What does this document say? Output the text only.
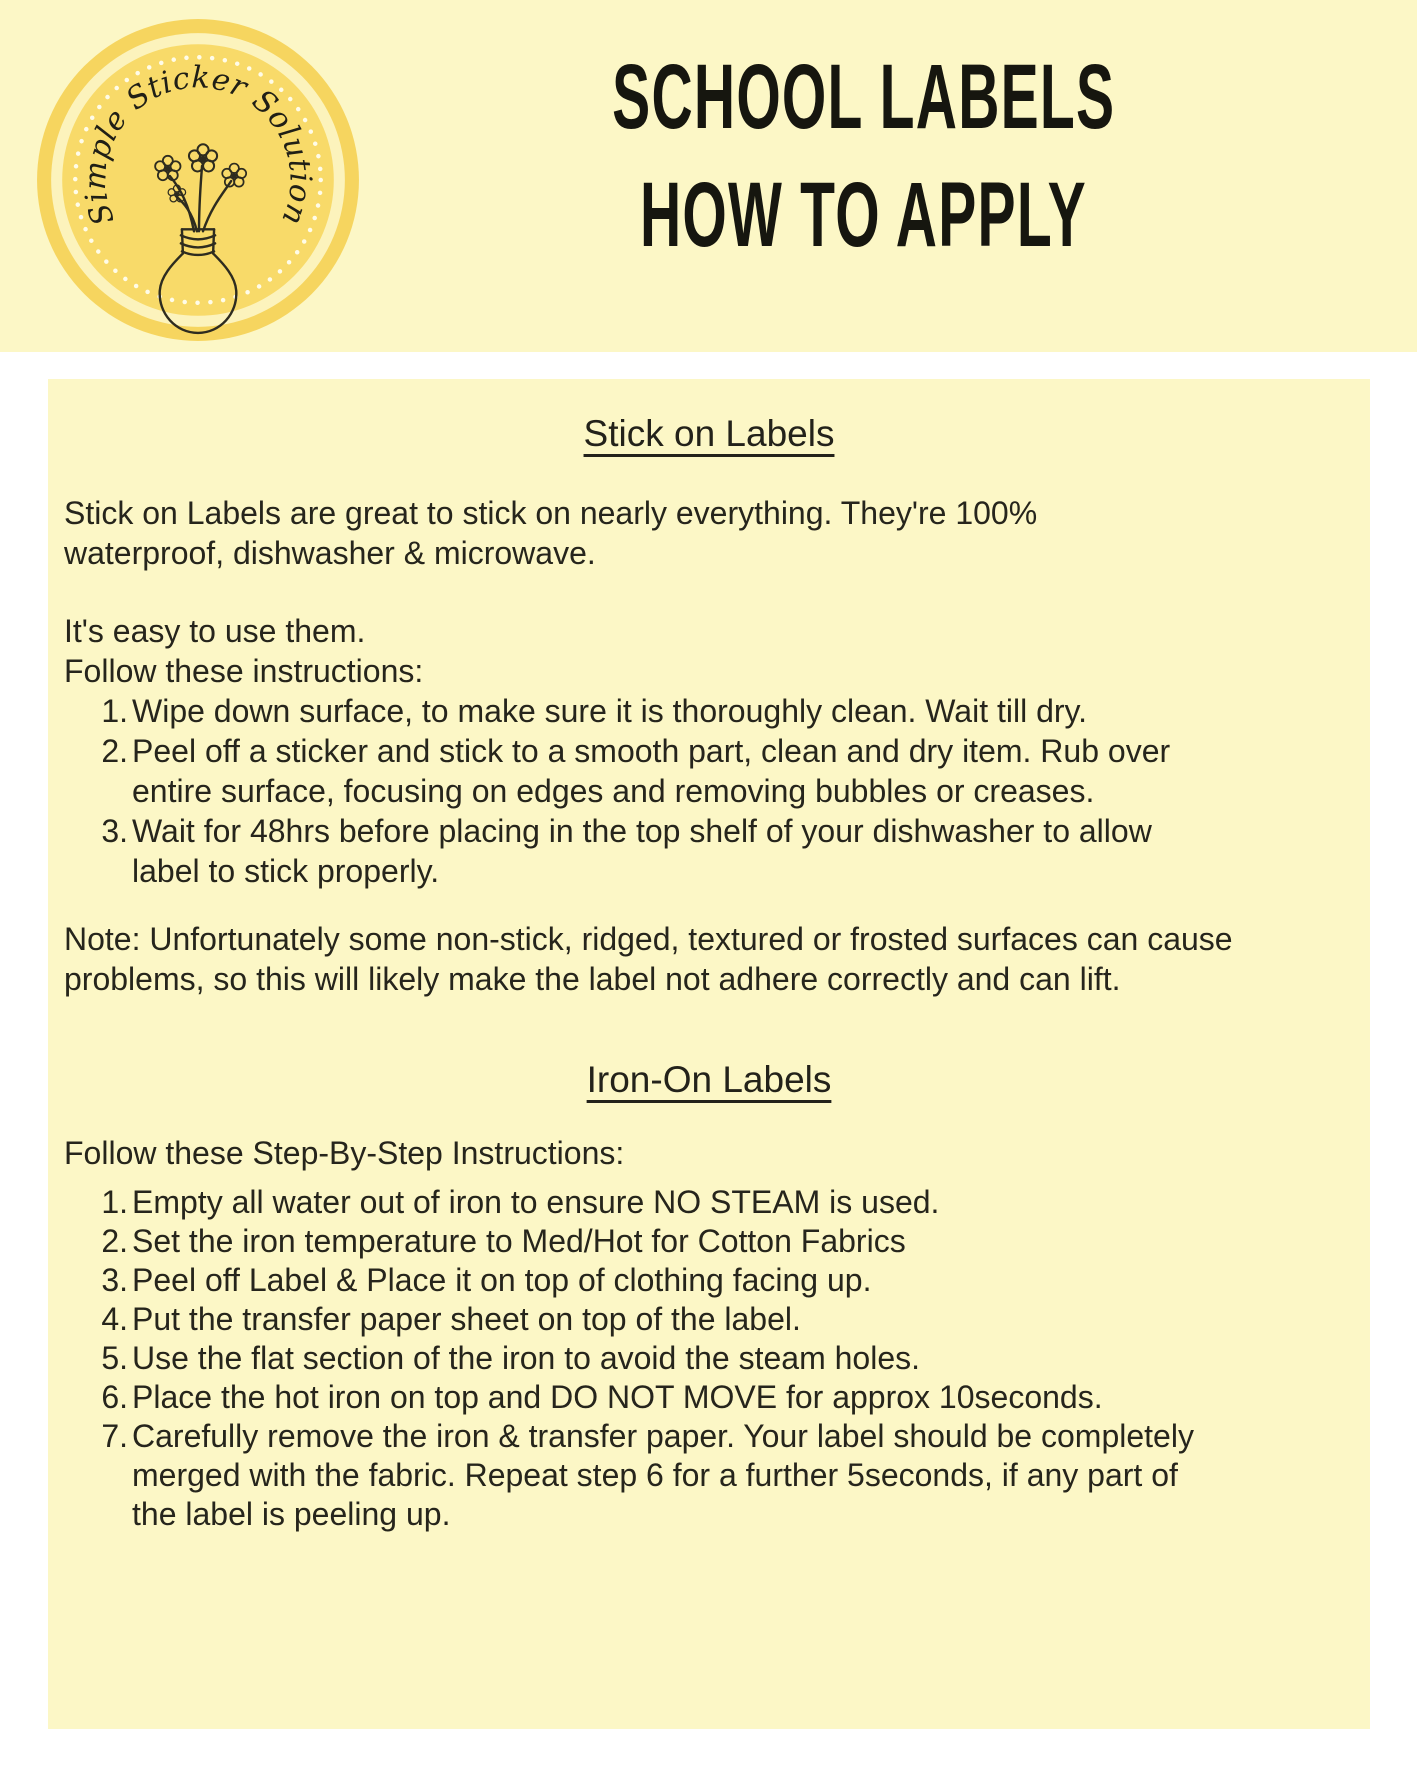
Simple Sticker Solution
SCHOOL LABELS
HOW TO APPLY
Stick on Labels

Stick on Labels are great to stick on nearly everything. They're 100% waterproof, dishwasher & microwave.

It's easy to use them.
Follow these instructions:
Wipe down surface, to make sure it is thoroughly clean. Wait till dry.
Peel off a sticker and stick to a smooth part, clean and dry item. Rub over entire surface, focusing on edges and removing bubbles or creases.
Wait for 48hrs before placing in the top shelf of your dishwasher to allow label to stick properly.

Note: Unfortunately some non-stick, ridged, textured or frosted surfaces can cause problems, so this will likely make the label not adhere correctly and can lift.

Iron-On Labels
Follow these Step-By-Step Instructions:
Empty all water out of iron to ensure NO STEAM is used.
Set the iron temperature to Med/Hot for Cotton Fabrics
Peel off Label & Place it on top of clothing facing up.
Put the transfer paper sheet on top of the label.
Use the flat section of the iron to avoid the steam holes.
Place the hot iron on top and DO NOT MOVE for approx 10seconds.
Carefully remove the iron & transfer paper. Your label should be completely merged with the fabric. Repeat step 6 for a further 5seconds, if any part of the label is peeling up.
